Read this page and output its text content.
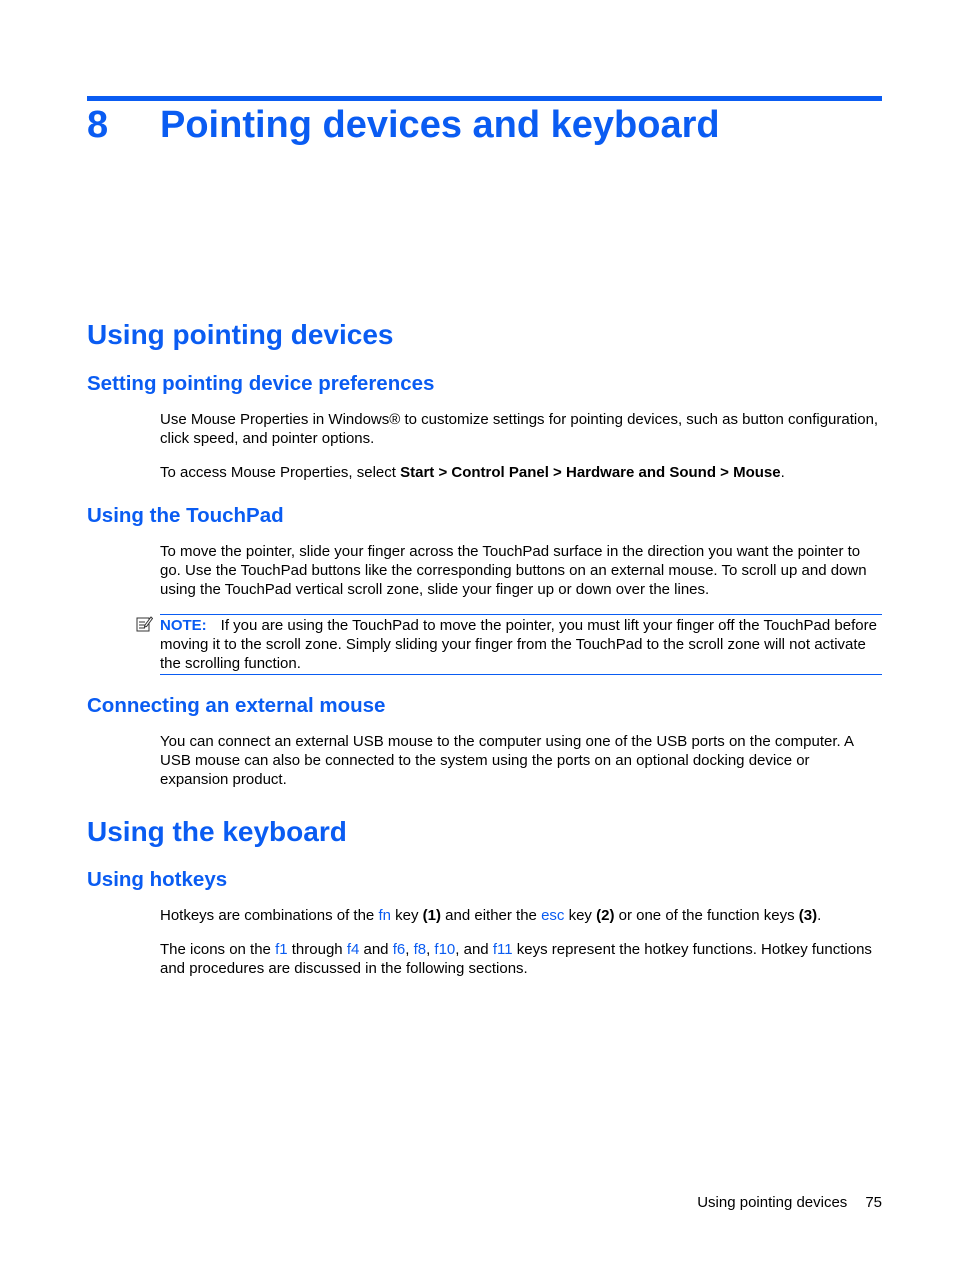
8 Pointing devices and keyboard
Using pointing devices
Setting pointing device preferences

Use Mouse Properties in Windows® to customize settings for pointing devices, such as button configuration, click speed, and pointer options.

To access Mouse Properties, select Start > Control Panel > Hardware and Sound > Mouse.

Using the TouchPad

To move the pointer, slide your finger across the TouchPad surface in the direction you want the pointer to go. Use the TouchPad buttons like the corresponding buttons on an external mouse. To scroll up and down using the TouchPad vertical scroll zone, slide your finger up or down over the lines.

NOTE: If you are using the TouchPad to move the pointer, you must lift your finger off the TouchPad before moving it to the scroll zone. Simply sliding your finger from the TouchPad to the scroll zone will not activate the scrolling function.
Connecting an external mouse

You can connect an external USB mouse to the computer using one of the USB ports on the computer. A USB mouse can also be connected to the system using the ports on an optional docking device or expansion product.

Using the keyboard
Using hotkeys

Hotkeys are combinations of the fn key (1) and either the esc key (2) or one of the function keys (3).

The icons on the f1 through f4 and f6, f8, f10, and f11 keys represent the hotkey functions. Hotkey functions and procedures are discussed in the following sections.

Using pointing devices 75
